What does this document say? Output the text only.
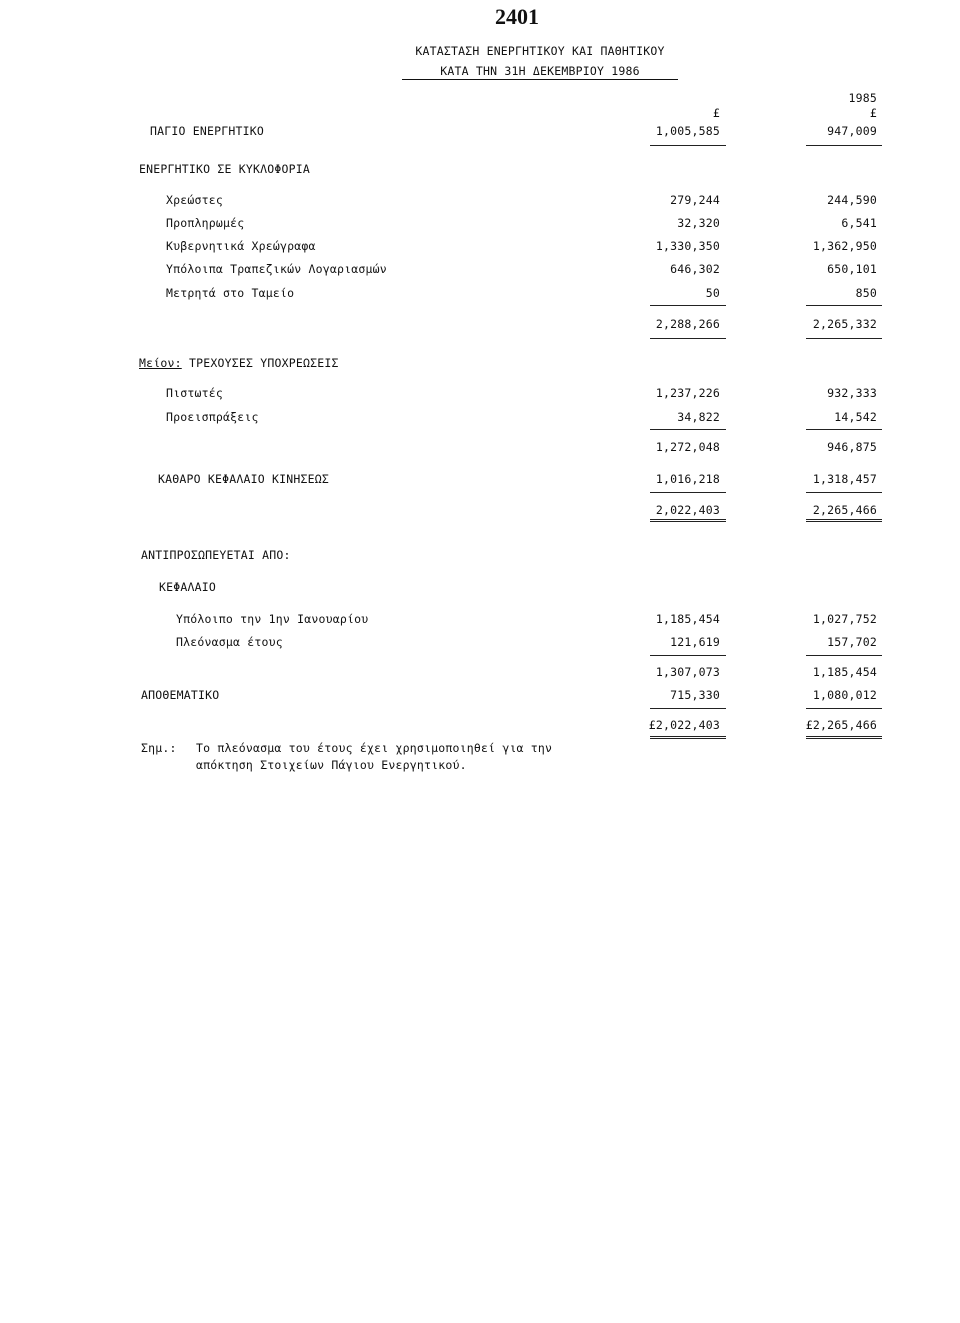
2401
ΚΑΤΑΣΤΑΣΗ ΕΝΕΡΓΗΤΙΚΟΥ ΚΑΙ ΠΑΘΗΤΙΚΟΥ
ΚΑΤΑ ΤΗΝ 31Η ΔΕΚΕΜΒΡΙΟΥ 1986
1985
£	£
ΠΑΓΙΟ ΕΝΕΡΓΗΤΙΚΟ	1,005,585	947,009
ΕΝΕΡΓΗΤΙΚΟ ΣΕ ΚΥΚΛΟΦΟΡΙΑ
Χρεώστες	279,244	244,590
Προπληρωμές	32,320	6,541
Κυβερνητικά Χρεώγραφα	1,330,350	1,362,950
Υπόλοιπα Τραπεζικών Λογαριασμών	646,302	650,101
Μετρητά στο Ταμείο	50	850
2,288,266	2,265,332
Μείον: ΤΡΕΧΟΥΣΕΣ ΥΠΟΧΡΕΩΣΕΙΣ
Πιστωτές	1,237,226	932,333
Προεισπράξεις	34,822	14,542
1,272,048	946,875
ΚΑΘΑΡΟ ΚΕΦΑΛΑΙΟ ΚΙΝΗΣΕΩΣ	1,016,218	1,318,457
2,022,403	2,265,466
ΑΝΤΙΠΡΟΣΩΠΕΥΕΤΑΙ ΑΠΟ:
ΚΕΦΑΛΑΙΟ
Υπόλοιπο την 1ην Ιανουαρίου	1,185,454	1,027,752
Πλεόνασμα έτους	121,619	157,702
1,307,073	1,185,454
ΑΠΟΘΕΜΑΤΙΚΟ	715,330	1,080,012
£2,022,403	£2,265,466
Σημ.: Το πλεόνασμα του έτους έχει χρησιμοποιηθεί για την
απόκτηση Στοιχείων Πάγιου Ενεργητικού.
